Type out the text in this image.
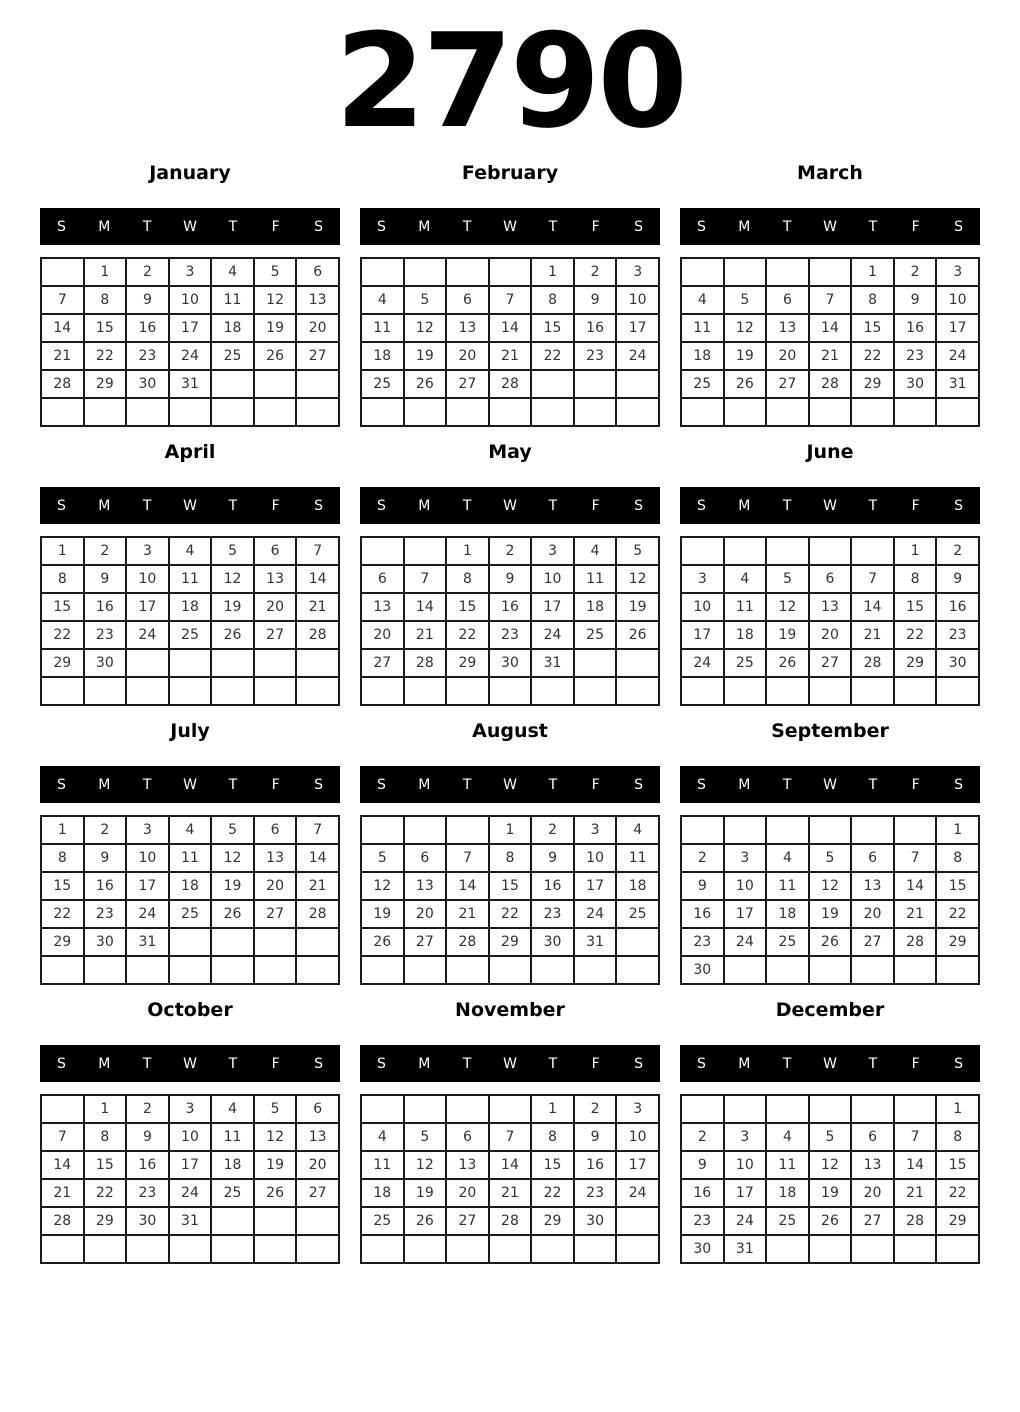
2790
January
S	M	T	W	T	F	S
	1	2	3	4	5	6
7	8	9	10	11	12	13
14	15	16	17	18	19	20
21	22	23	24	25	26	27
28	29	30	31			

February
S	M	T	W	T	F	S
				1	2	3
4	5	6	7	8	9	10
11	12	13	14	15	16	17
18	19	20	21	22	23	24
25	26	27	28			

March
S	M	T	W	T	F	S
				1	2	3
4	5	6	7	8	9	10
11	12	13	14	15	16	17
18	19	20	21	22	23	24
25	26	27	28	29	30	31

April
S	M	T	W	T	F	S
1	2	3	4	5	6	7
8	9	10	11	12	13	14
15	16	17	18	19	20	21
22	23	24	25	26	27	28
29	30					

May
S	M	T	W	T	F	S
		1	2	3	4	5
6	7	8	9	10	11	12
13	14	15	16	17	18	19
20	21	22	23	24	25	26
27	28	29	30	31		

June
S	M	T	W	T	F	S
					1	2
3	4	5	6	7	8	9
10	11	12	13	14	15	16
17	18	19	20	21	22	23
24	25	26	27	28	29	30

July
S	M	T	W	T	F	S
1	2	3	4	5	6	7
8	9	10	11	12	13	14
15	16	17	18	19	20	21
22	23	24	25	26	27	28
29	30	31				

August
S	M	T	W	T	F	S
			1	2	3	4
5	6	7	8	9	10	11
12	13	14	15	16	17	18
19	20	21	22	23	24	25
26	27	28	29	30	31	

September
S	M	T	W	T	F	S
						1
2	3	4	5	6	7	8
9	10	11	12	13	14	15
16	17	18	19	20	21	22
23	24	25	26	27	28	29
30						
October
S	M	T	W	T	F	S
	1	2	3	4	5	6
7	8	9	10	11	12	13
14	15	16	17	18	19	20
21	22	23	24	25	26	27
28	29	30	31			

November
S	M	T	W	T	F	S
				1	2	3
4	5	6	7	8	9	10
11	12	13	14	15	16	17
18	19	20	21	22	23	24
25	26	27	28	29	30	

December
S	M	T	W	T	F	S
						1
2	3	4	5	6	7	8
9	10	11	12	13	14	15
16	17	18	19	20	21	22
23	24	25	26	27	28	29
30	31					
